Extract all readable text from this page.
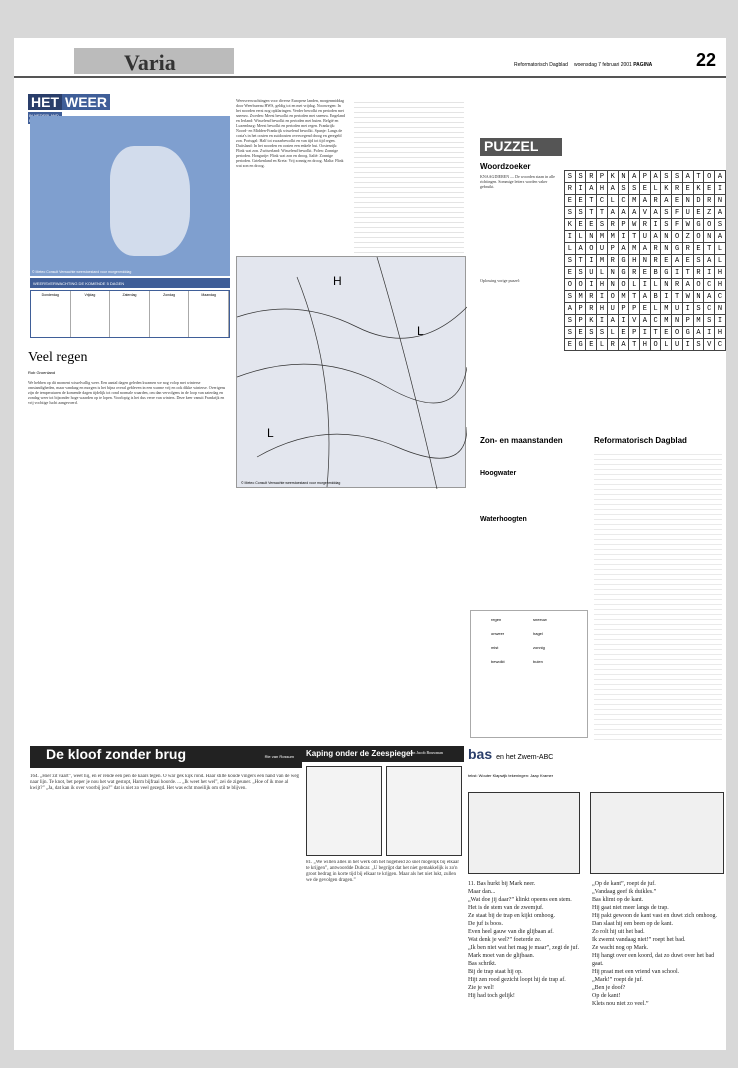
Varia	Reformatorisch Dagblad woensdag 7 februari 2001 PAGINA 22
HET WEER
© Meteo Consult Verwachte weerstoestand voor morgenmiddag
WEERSVERWACHTING DE KOMENDE 5 DAGEN
Donderdag	Vrijdag	Zaterdag	Zondag	Maandag
Veel regen
Rob Groenland
We hebben op dit moment wisselvallig weer. Een aantal dagen geleden kwamen we nog volop met winterse omstandigheden, maar vandaag en morgen is het bijna overal gebleven in een warme vrij en ook dikke winterse. Overigens zijn de temperaturen de komende dagen tijdelijk tot rond normale waarden, om dan vervolgens in de loop van zaterdag en zondag weer tot bijzonder hoge waarden op te lopen. Voorlopig is het dus verre van winters. Deze keer vanuit Frankrijk en vrij vochtige lucht aangevoerd.
Weersverwachtingen voor diverse Europese landen, morgenmiddag door Weerbureau HWS, geldig tot en met vrijdag. Noorwegen: In het noorden eerst nog opklaringen. Verder bewolkt en perioden met sneeuw. Zweden: Meest bewolkt en perioden met sneeuw. Engeland en Ierland: Wisselend bewolkt en perioden met buien. België en Luxemburg: Meest bewolkt en perioden met regen. Frankrijk: Noord- en Midden-Frankrijk wisselend bewolkt. Spanje: Langs de costa's in het oosten en zuidoosten overwegend droog en geregeld zon. Portugal: Half tot zwaarbewolkt en van tijd tot tijd regen. Duitsland: In het noorden en oosten een enkele bui. Oostenrijk: Flink wat zon. Zwitserland: Wisselend bewolkt. Polen: Zonnige perioden. Hongarije: Flink wat zon en droog. Italië: Zonnige perioden. Griekenland en Kreta: Vrij zonnig en droog. Malta: Flink wat zon en droog.
H
L
L
© Meteo Consult Verwachte weerstoestand voor morgenmiddag
PUZZEL
Woordzoeker
KNAAGDIEREN — De woorden staan in alle richtingen. Sommige letters worden vaker gebruikt.
Oplossing vorige puzzel:
S	S	R	P	K	N	A	P	A	S	S	A	T	O	A
R	I	A	H	A	S	S	E	L	K	R	E	K	E	I
E	E	T	C	L	C	M	A	R	A	E	N	D	R	N
S	S	T	T	A	A	A	V	A	S	F	U	E	Z	A
K	E	E	S	R	P	W	R	I	S	F	W	G	O	S
I	L	N	M	M	I	T	U	A	N	O	Z	O	N	A
L	A	O	U	P	A	M	A	R	N	G	R	E	T	L
S	T	I	M	R	G	H	N	R	E	A	E	S	A	L
E	S	U	L	N	G	R	E	B	G	I	T	R	I	H
O	O	I	H	N	O	L	I	L	N	R	A	O	C	H
S	M	R	I	O	M	T	A	B	I	T	W	N	A	C
A	P	R	H	U	P	P	E	L	M	U	I	S	C	N
S	P	K	I	A	I	V	A	C	M	N	P	M	S	I
S	E	S	S	L	E	P	I	T	E	O	G	A	I	H
E	G	E	L	R	A	T	H	O	L	U	I	S	V	C
Zon- en maanstanden
Hoogwater
Waterhoogten
Reformatorisch Dagblad
regen	sneeuw
onweer	hagel
mist	zonnig
bewolkt	buien
De kloof zonder brug	Rie van Rossum
164. „Hier zit vaart”, weet hij, en er rende een pen de kaars tegen. O war gek kijk rond. Haar stilte koude vingers een hand van de weg naar lijn. Te knot, bet peper je nou het wat gestopt, Harm bijfraai hoorde. ... „Ik weet het wel”, zei de zigeuner. „Hoe of ik moe al kwijt?” „Ja, dat kan ik over voorbij jou?” dat is niet zo veel gezegd. Het was echt moeilijk om stil te blijven.
Kaping onder de Zeespiegel
Jan Jacob Bouwman
81. „We willen alles in het werk om het hogeheid zo snel mogelijk bij elkaar te krijgen”, antwoordde Dubcar. „U begrijpt dat het niet gemakkelijk is zo'n groot bedrag in korte tijd bij elkaar te krijgen. Maar als het niet lukt, zullen we de gevolgen dragen.”
bas en het Zwem-ABC
tekst: Wouter Klapwijk tekeningen: Jaap Kramer
11. Bas hurkt bij Mark neer.
Maar dan...
„Wat doe jij daar?” klinkt opeens een stem.
Het is de stem van de zwemjuf.
Ze staat bij de trap en kijkt omhoog.
De juf is boos.
Even heel gauw van die glijbaan af.
Wat denk je wel?” foeterde ze.
„Ik ben niet wat het mag je maar”, zegt de juf.
Mark moet van de glijbaan.
Bas schrikt.
Bij de trap staat hij op.
Hijt zen rood gezicht loopt hij de trap af.
Zie je wel!
Hij had toch gelijk!
„Op de kant”, roept de juf.
„Vandaag geef ik duikles.”
Bas klimt op de kant.
Hij gaat niet meer langs de trap.
Hij pakt gewoon de kant vast en duwt zich omhoog.
Dan slaat hij een been op de kant.
Zo rolt hij uit het bad.
Ik zwemt vandaag niet!” roept het bad.
Ze wacht nog op Mark.
Hij hangt over een koord, dat zo duwt over het bad gaat.
Hij praat met een vriend van school.
„Mark!” roept de juf.
„Ben je doof?
Op de kant!
Klets nou niet zo veel.”
